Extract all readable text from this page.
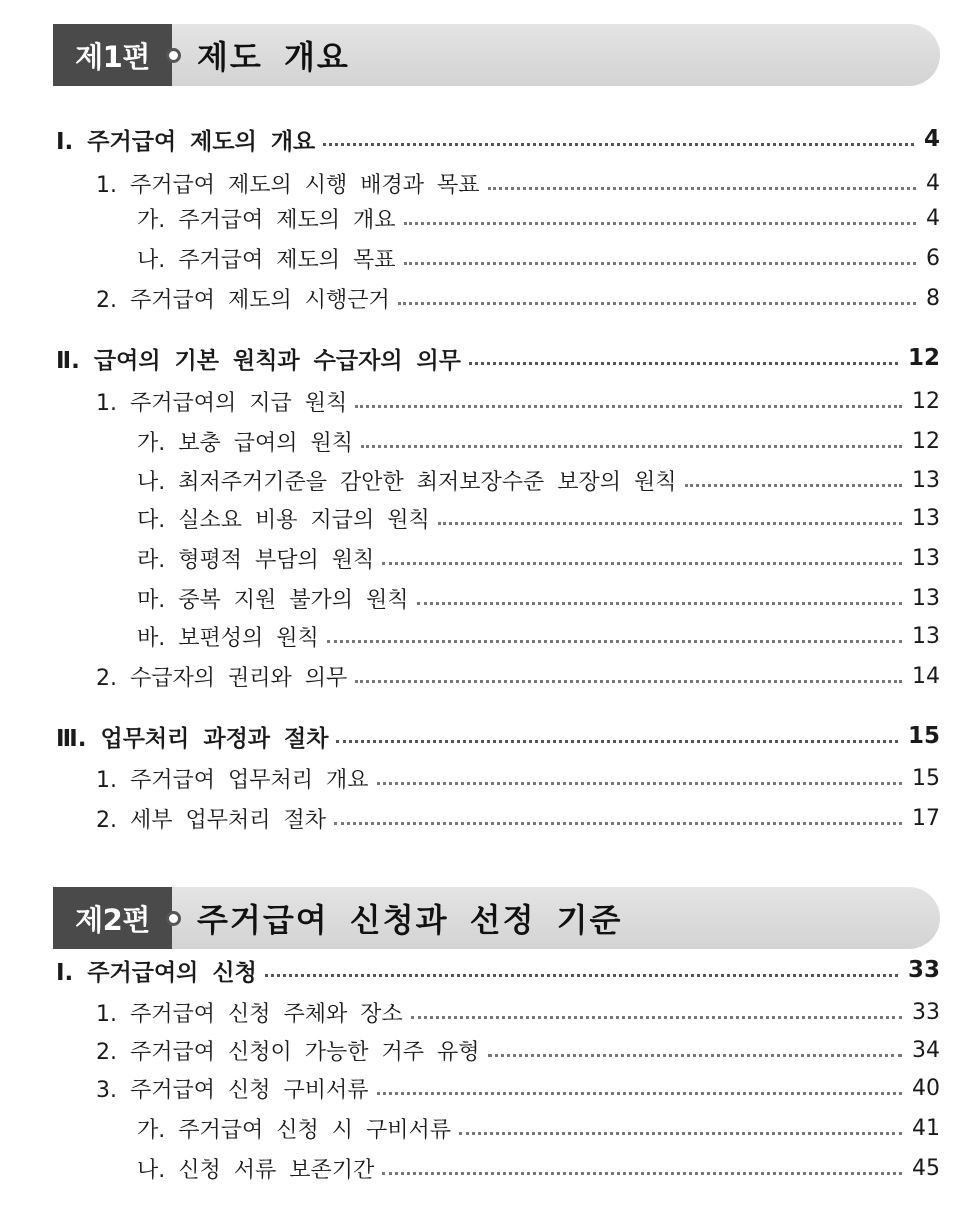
제1편	제도 개요
Ⅰ. 주거급여 제도의 개요	4
1. 주거급여 제도의 시행 배경과 목표	4
가. 주거급여 제도의 개요	4
나. 주거급여 제도의 목표	6
2. 주거급여 제도의 시행근거	8
Ⅱ. 급여의 기본 원칙과 수급자의 의무	12
1. 주거급여의 지급 원칙	12
가. 보충 급여의 원칙	12
나. 최저주거기준을 감안한 최저보장수준 보장의 원칙	13
다. 실소요 비용 지급의 원칙	13
라. 형평적 부담의 원칙	13
마. 중복 지원 불가의 원칙	13
바. 보편성의 원칙	13
2. 수급자의 권리와 의무	14
Ⅲ. 업무처리 과정과 절차	15
1. 주거급여 업무처리 개요	15
2. 세부 업무처리 절차	17
제2편	주거급여 신청과 선정 기준
Ⅰ. 주거급여의 신청	33
1. 주거급여 신청 주체와 장소	33
2. 주거급여 신청이 가능한 거주 유형	34
3. 주거급여 신청 구비서류	40
가. 주거급여 신청 시 구비서류	41
나. 신청 서류 보존기간	45
